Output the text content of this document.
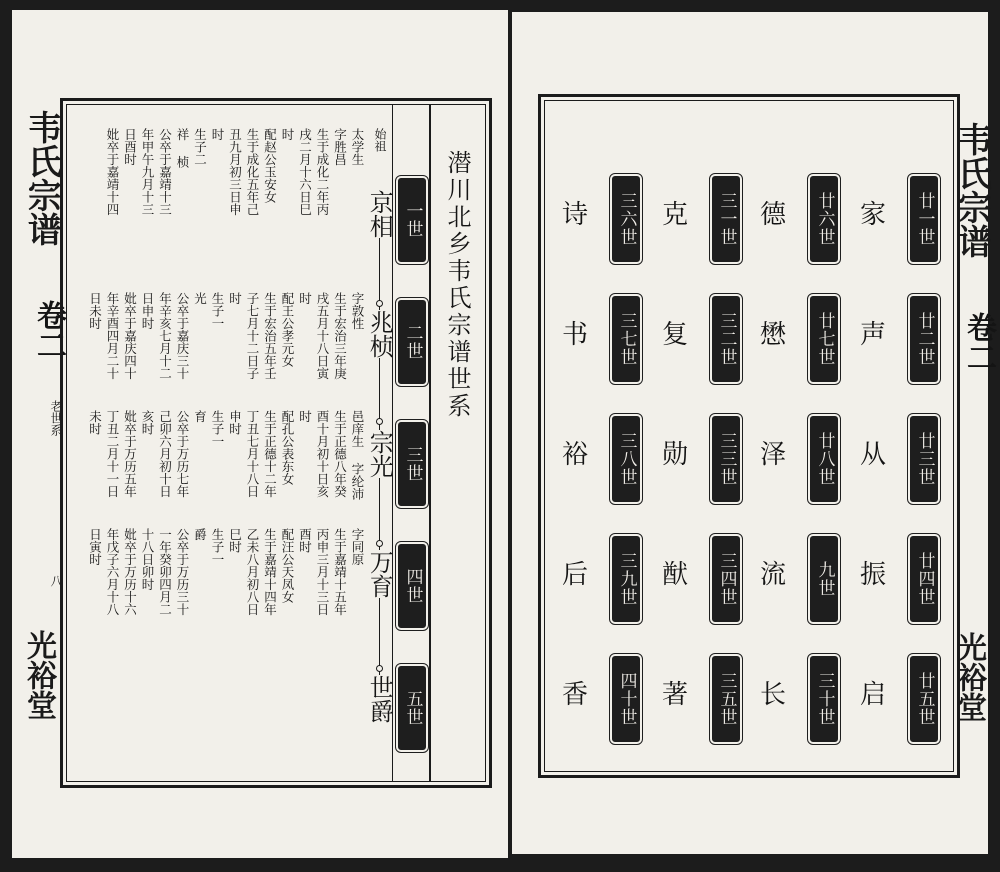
韦氏宗谱
卷二
老世系
八
光裕堂
潜川北乡韦氏宗谱世系
一世
二世
三世
四世
五世
始祖
京相
兆桢
宗光
万育
世爵
太学生
字胜昌
生于成化二年丙
戌二月十六日巳
时
配赵公玉安女
生于成化五年己
丑九月初三日申
时
生子二
祥 桢
公卒于嘉靖十三
年甲午九月十三
日酉时
妣卒于嘉靖十四
字敦性
生于宏治三年庚
戌五月十八日寅
时
配王公孝元女
生于宏治五年壬
子七月十二日子
时
生子一
光
公卒于嘉庆三十
年辛亥七月十二
日申时
妣卒于嘉庆四十
年辛酉四月二十
日未时
邑庠生 字纶沛
生于正德八年癸
酉十月初十日亥
时
配孔公表东女
生于正德十二年
丁丑七月十八日
申时
生子一
育
公卒于万历七年
己卯六月初十日
亥时
妣卒于万历五年
丁丑二月十一日
未时
字同原
生于嘉靖十五年
丙申三月十三日
酉时
配汪公天凤女
生于嘉靖十四年
乙未八月初八日
巳时
生子一
爵
公卒于万历三十
一年癸卯四月二
十八日卯时
妣卒于万历十六
年戊子六月十八
日寅时
廿一世
家
廿二世
声
廿三世
从
廿四世
振
廿五世
启
廿六世
德
廿七世
懋
廿八世
泽
九世
流
三十世
长
三一世
克
三二世
复
三三世
勋
三四世
猷
三五世
著
三六世
诗
三七世
书
三八世
裕
三九世
后
四十世
香
韦氏宗谱
卷二
光裕堂
